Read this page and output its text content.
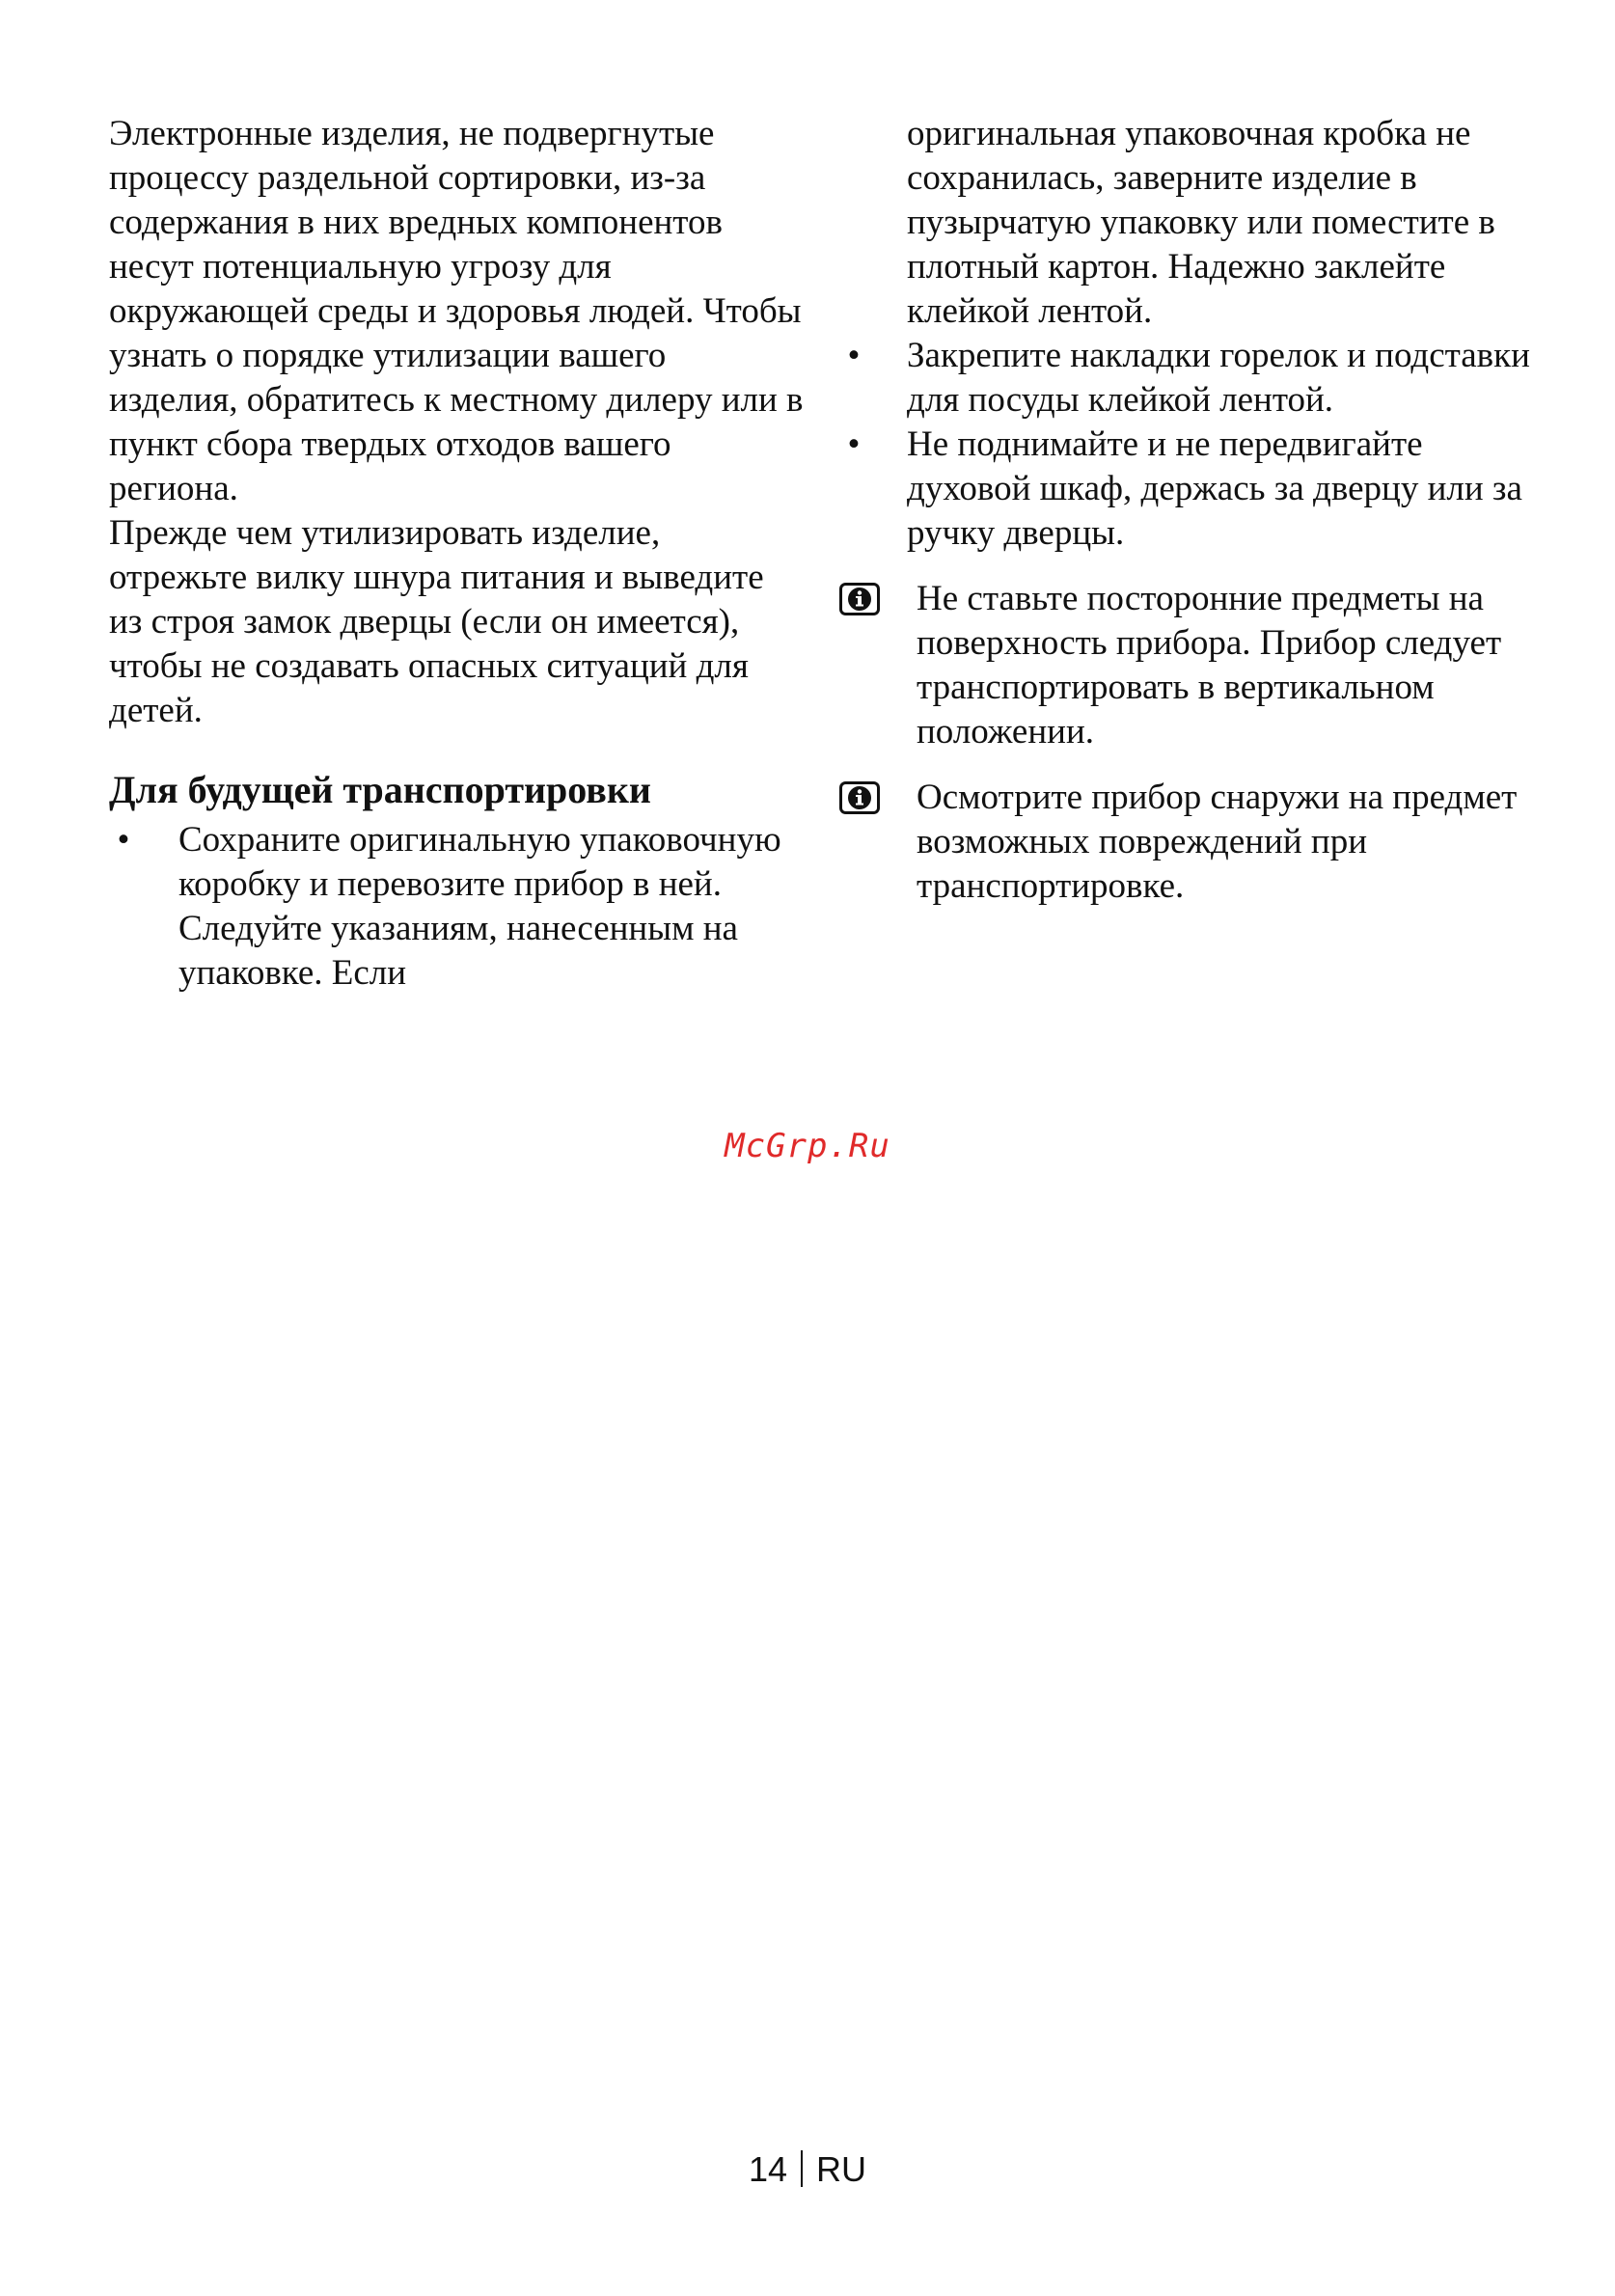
Электронные изделия, не подвергнутые процессу раздельной сортировки, из-за содержания в них вредных компонентов несут потенциальную угрозу для окружающей среды и здоровья людей. Чтобы узнать о порядке утилизации вашего изделия, обратитесь к местному дилеру или в пункт сбора твердых отходов вашего региона.

Прежде чем утилизировать изделие, отрежьте вилку шнура питания и выведите из строя замок дверцы (если он имеется), чтобы не создавать опасных ситуаций для детей.

Для будущей транспортировки
• Сохраните оригинальную упаковочную коробку и перевозите прибор в ней. Следуйте указаниям, нанесенным на упаковке. Если

оригинальная упаковочная кробка не сохранилась, заверните изделие в пузырчатую упаковку или поместите в плотный картон. Надежно заклейте клейкой лентой.

• Закрепите накладки горелок и подставки для посуды клейкой лентой.
• Не поднимайте и не передвигайте духовой шкаф, держась за дверцу или за ручку дверцы.
Не ставьте посторонние предметы на поверхность прибора. Прибор следует транспортировать в вертикальном положении.
Осмотрите прибор снаружи на предмет возможных повреждений при транспортировке.
McGrp.Ru
14 RU
